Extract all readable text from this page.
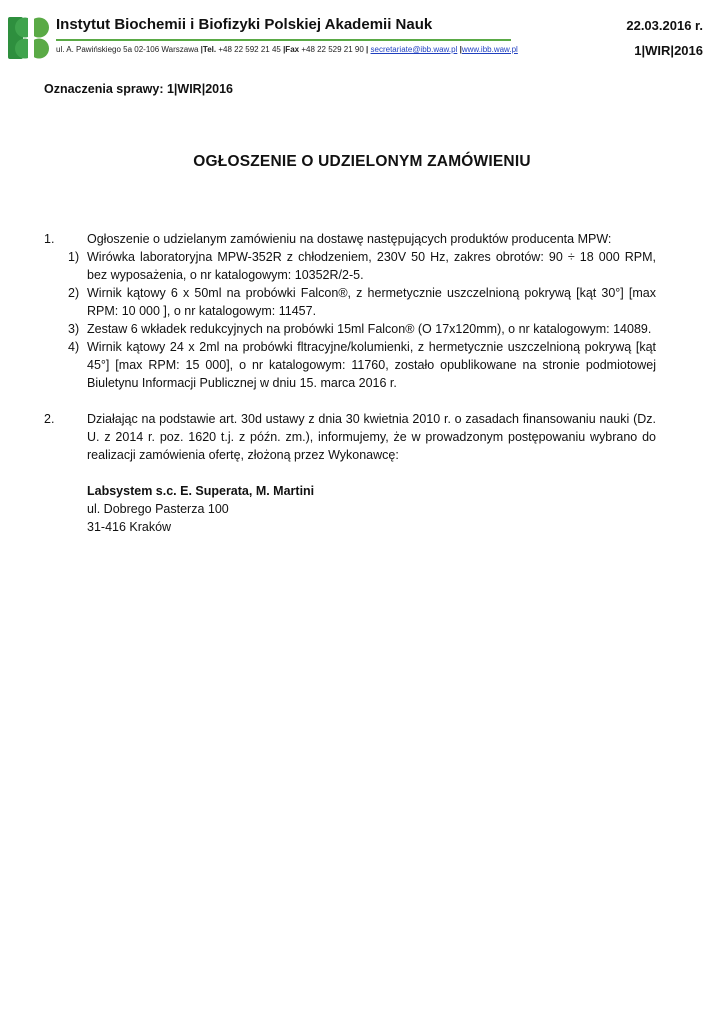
Instytut Biochemii i Biofizyki Polskiej Akademii Nauk
ul. A. Pawińskiego 5a 02-106 Warszawa |Tel. +48 22 592 21 45 |Fax +48 22 529 21 90 | secretariate@ibb.waw.pl |www.ibb.waw.pl
22.03.2016 r.
1|WIR|2016
Oznaczenia sprawy: 1|WIR|2016
OGŁOSZENIE O UDZIELONYM ZAMÓWIENIU
1.	Ogłoszenie o udzielanym zamówieniu na dostawę następujących produktów producenta MPW:
1) Wirówka laboratoryjna MPW-352R z chłodzeniem, 230V 50 Hz, zakres obrotów: 90 ÷ 18 000 RPM, bez wyposażenia, o nr katalogowym: 10352R/2-5.
2) Wirnik kątowy 6 x 50ml na probówki Falcon®, z hermetycznie uszczelnioną pokrywą [kąt 30°] [max RPM: 10 000 ], o nr katalogowym: 11457.
3) Zestaw 6 wkładek redukcyjnych na probówki 15ml Falcon® (O 17x120mm), o nr katalogowym: 14089.
4) Wirnik kątowy 24 x 2ml na probówki fltracyjne/kolumienki, z hermetycznie uszczelnioną pokrywą [kąt 45°] [max RPM: 15 000], o nr katalogowym: 11760, zostało opublikowane na stronie podmiotowej Biuletynu Informacji Publicznej w dniu 15. marca 2016 r.
2.	Działając na podstawie art. 30d ustawy z dnia 30 kwietnia 2010 r. o zasadach finansowaniu nauki (Dz. U. z 2014 r. poz. 1620 t.j. z późn. zm.), informujemy, że w prowadzonym postępowaniu wybrano do realizacji zamówienia ofertę, złożoną przez Wykonawcę:
Labsystem s.c. E. Superata, M. Martini
ul. Dobrego Pasterza 100
31-416 Kraków
